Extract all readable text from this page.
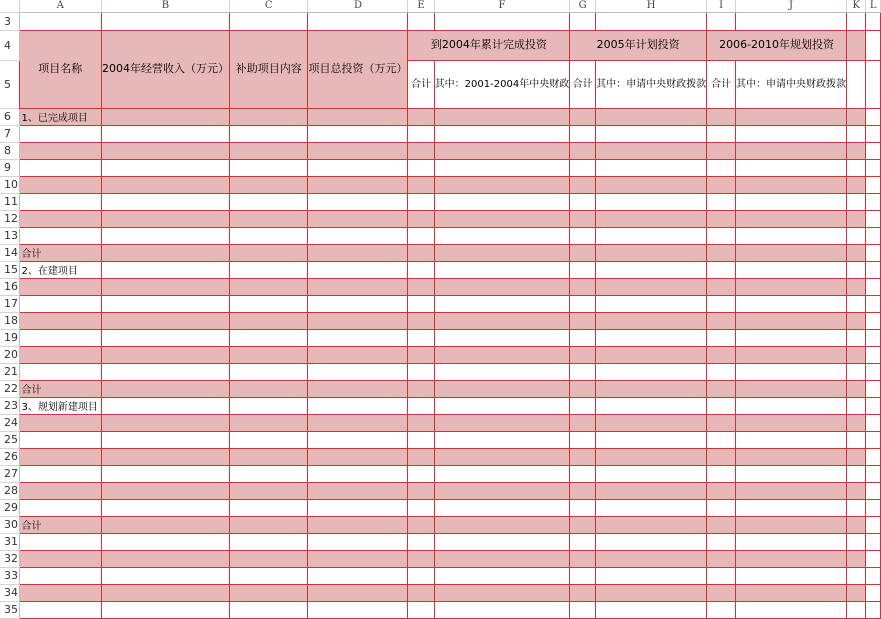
	A	B	C	D	E	F	G	H	I	J	K	L
3												
4	项目名称	2004年经营收入（万元）	补助项目内容	项目总投资（万元）	到2004年累计完成投资		2005年计划投资		2006-2010年规划投资			
5					合计	其中：2001-2004年中央财政	合计	其中：申请中央财政拨款	合计	其中：申请中央财政拨款		
6	1、已完成项目											
7												
8												
9												
10												
11												
12												
13												
14	合计											
15	2、在建项目											
16												
17												
18												
19												
20												
21												
22	合计											
23	3、规划新建项目											
24												
25												
26												
27												
28												
29												
30	合计											
31												
32												
33												
34												
35												
